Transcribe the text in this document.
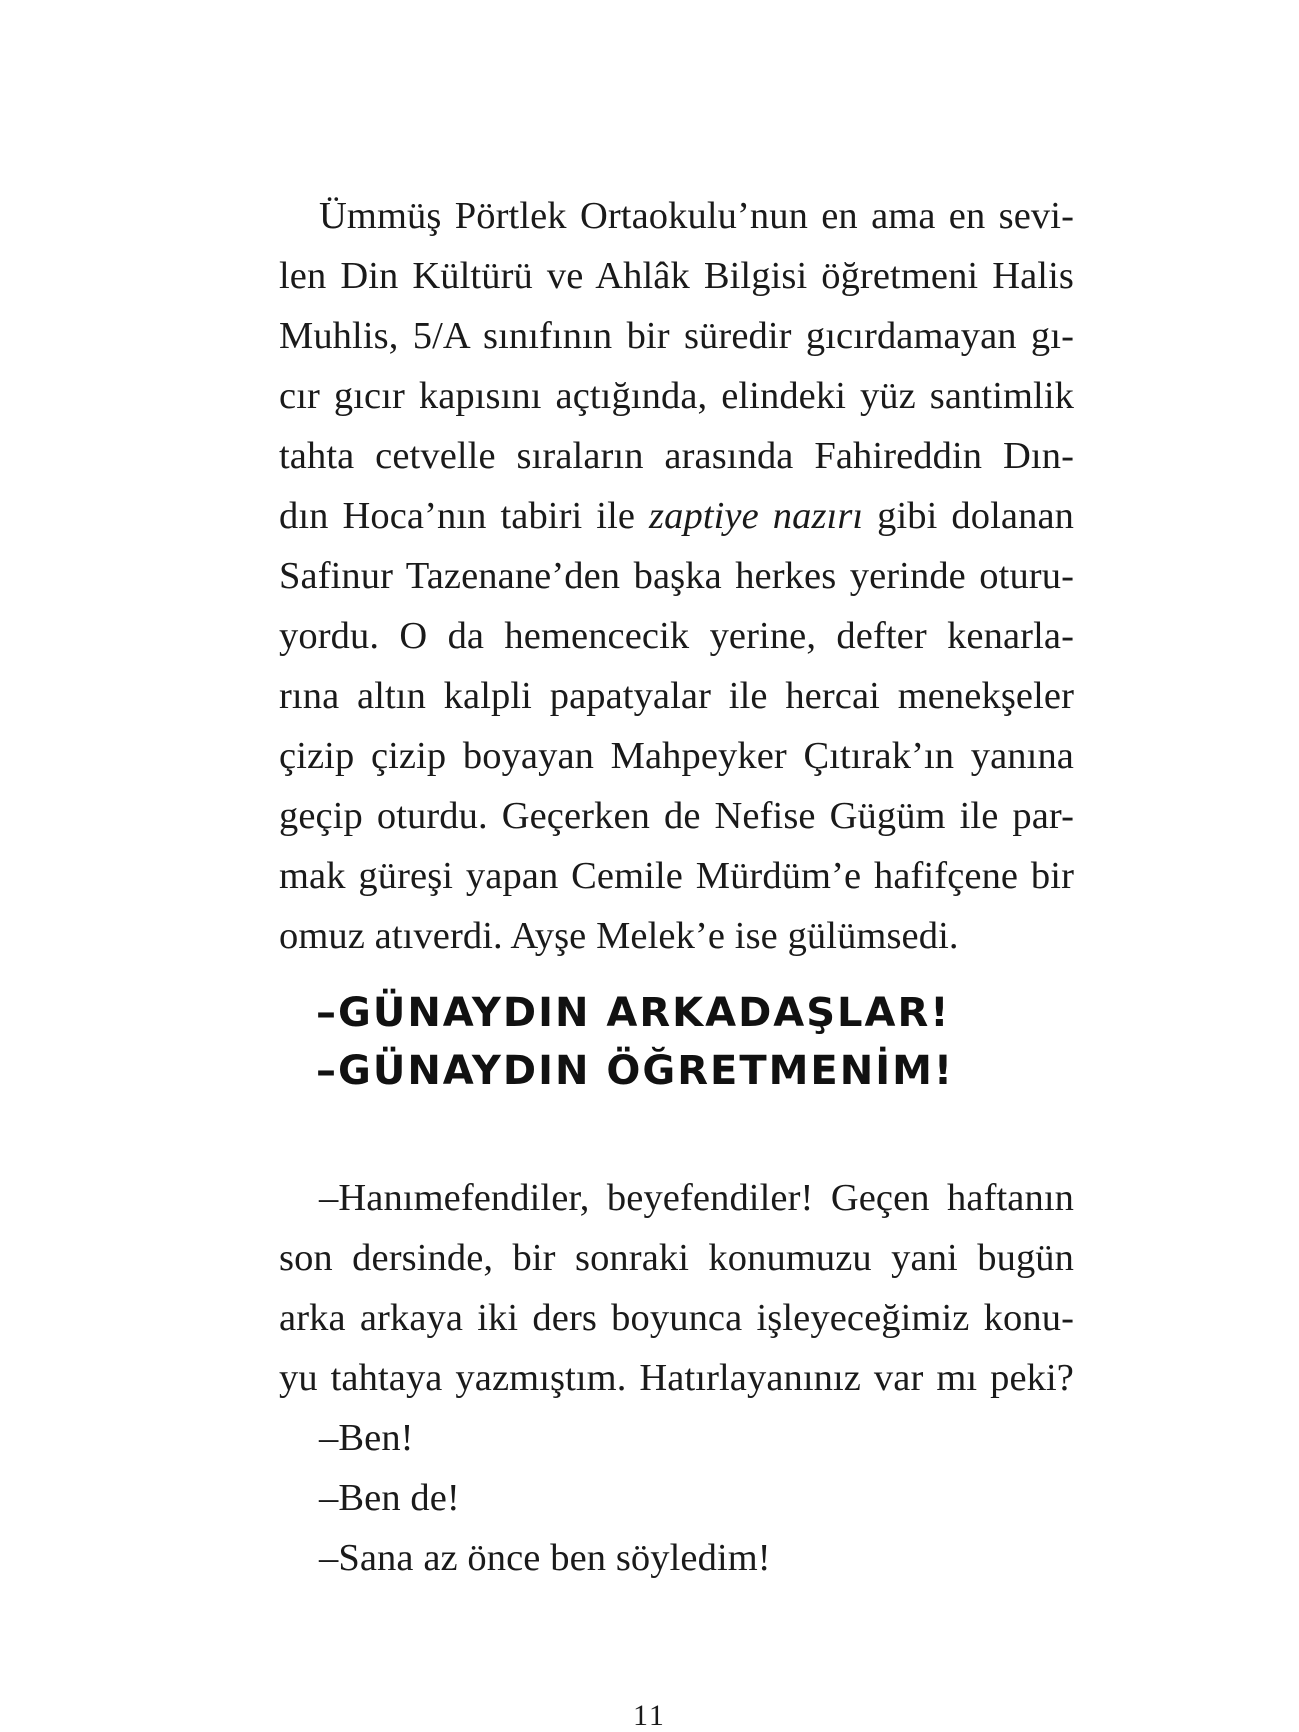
Ümmüş Pörtlek Ortaokulu’nun en ama en sevi-
len Din Kültürü ve Ahlâk Bilgisi öğretmeni Halis
Muhlis, 5/A sınıfının bir süredir gıcırdamayan gı-
cır gıcır kapısını açtığında, elindeki yüz santimlik
tahta cetvelle sıraların arasında Fahireddin Dın-
dın Hoca’nın tabiri ile zaptiye nazırı gibi dolanan
Safinur Tazenane’den başka herkes yerinde oturu-
yordu. O da hemencecik yerine, defter kenarla-
rına altın kalpli papatyalar ile hercai menekşeler
çizip çizip boyayan Mahpeyker Çıtırak’ın yanına
geçip oturdu. Geçerken de Nefise Gügüm ile par-
mak güreşi yapan Cemile Mürdüm’e hafifçene bir
omuz atıverdi. Ayşe Melek’e ise gülümsedi.
–GÜNAYDIN ARKADAŞLAR!
–GÜNAYDIN ÖĞRETMENİM!
–Hanımefendiler, beyefendiler! Geçen haftanın
son dersinde, bir sonraki konumuzu yani bugün
arka arkaya iki ders boyunca işleyeceğimiz konu-
yu tahtaya yazmıştım. Hatırlayanınız var mı peki?
–Ben!
–Ben de!
–Sana az önce ben söyledim!
11
